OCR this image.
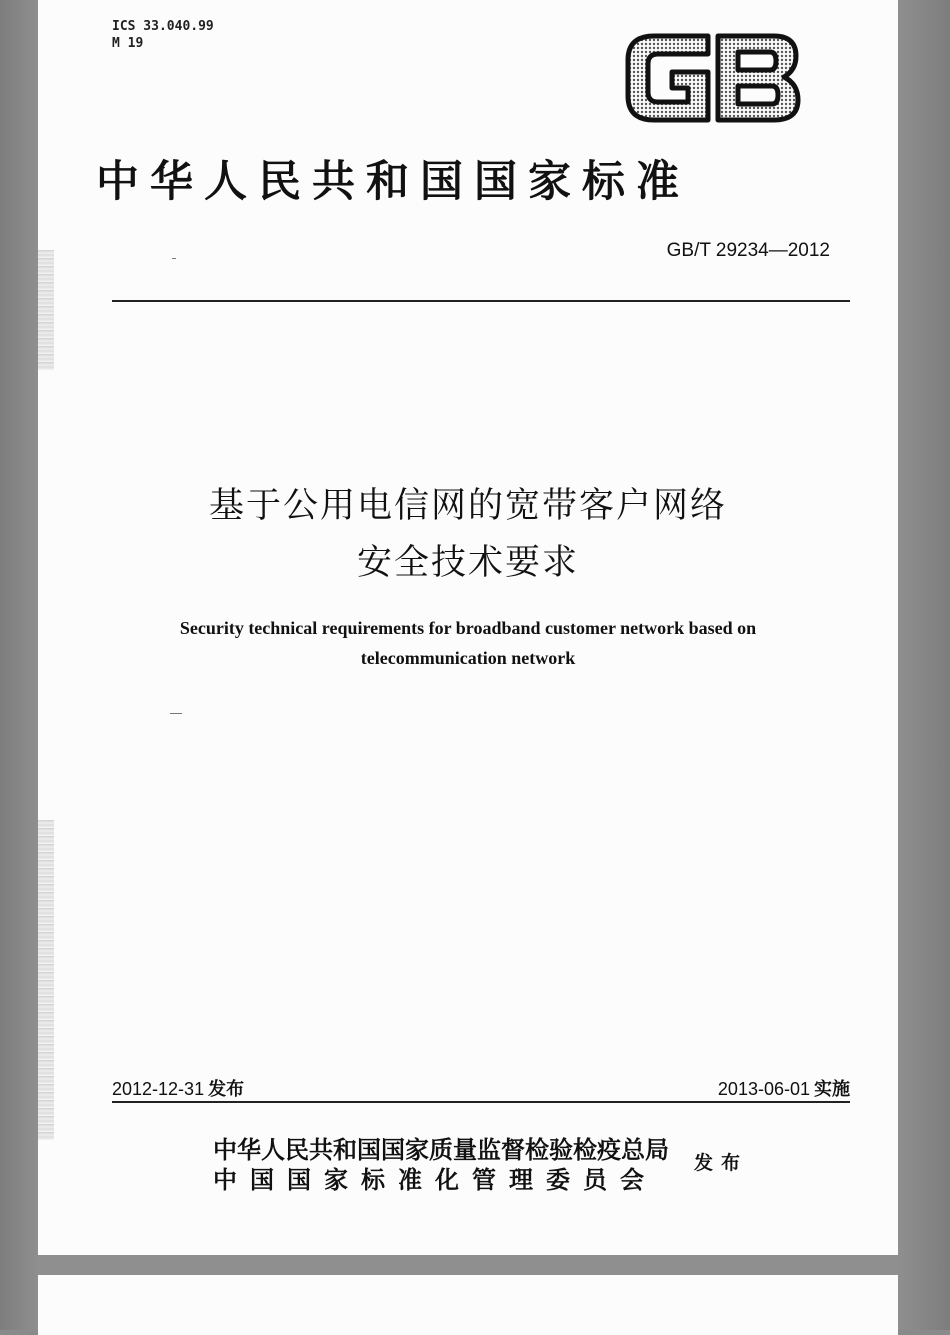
ICS 33.040.99
M 19
中华人民共和国国家标准
GB/T 29234—2012
基于公用电信网的宽带客户网络
安全技术要求
Security technical requirements for broadband customer network based on
telecommunication network
2012-12-31 发布	2013-06-01 实施
中华人民共和国国家质量监督检验检疫总局
中国国家标准化管理委员会
发布
